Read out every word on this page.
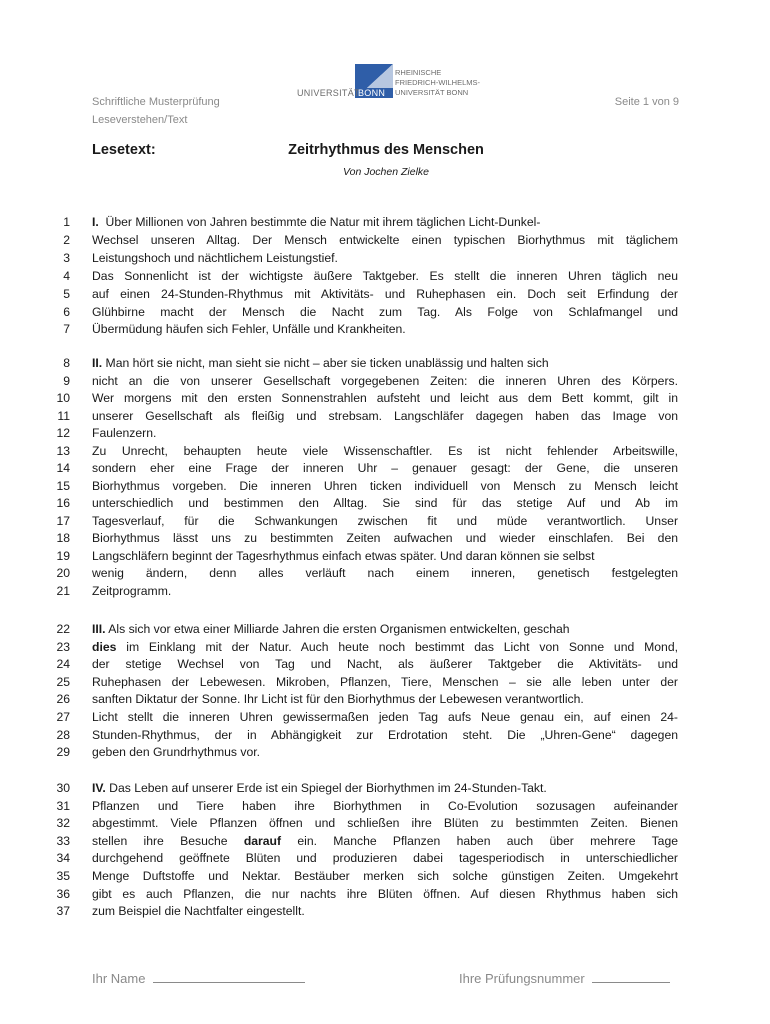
Schriftliche Musterprüfung
Leseverstehen/Text
Seite 1 von 9
UNIVERSITÄT
BONN
RHEINISCHE
FRIEDRICH-WILHELMS-
UNIVERSITÄT BONN
Lesetext:	Zeitrhythmus des Menschen
Von Jochen Zielke
1 I.  Über Millionen von Jahren bestimmte die Natur mit ihrem täglichen Licht-Dunkel-
2 Wechsel unseren Alltag. Der Mensch entwickelte einen typischen Biorhythmus mit täglichem
3 Leistungshoch und nächtlichem Leistungstief.
4 Das Sonnenlicht ist der wichtigste äußere Taktgeber. Es stellt die inneren Uhren täglich neu
5 auf einen 24-Stunden-Rhythmus mit Aktivitäts- und Ruhephasen ein. Doch seit Erfindung der
6 Glühbirne macht der Mensch die Nacht zum Tag. Als Folge von Schlafmangel und
7 Übermüdung häufen sich Fehler, Unfälle und Krankheiten.
8 II. Man hört sie nicht, man sieht sie nicht – aber sie ticken unablässig und halten sich
9 nicht an die von unserer Gesellschaft vorgegebenen Zeiten: die inneren Uhren des Körpers.
10 Wer morgens mit den ersten Sonnenstrahlen aufsteht und leicht aus dem Bett kommt, gilt in
11 unserer Gesellschaft als fleißig und strebsam. Langschläfer dagegen haben das Image von
12 Faulenzern.
13 Zu Unrecht, behaupten heute viele Wissenschaftler. Es ist nicht fehlender Arbeitswille,
14 sondern eher eine Frage der inneren Uhr – genauer gesagt: der Gene, die unseren
15 Biorhythmus vorgeben. Die inneren Uhren ticken individuell von Mensch zu Mensch leicht
16 unterschiedlich und bestimmen den Alltag. Sie sind für das stetige Auf und Ab im
17 Tagesverlauf, für die Schwankungen zwischen fit und müde verantwortlich. Unser
18 Biorhythmus lässt uns zu bestimmten Zeiten aufwachen und wieder einschlafen. Bei den
19 Langschläfern beginnt der Tagesrhythmus einfach etwas später. Und daran können sie selbst
20 wenig ändern, denn alles verläuft nach einem inneren, genetisch festgelegten
21 Zeitprogramm.
22 III. Als sich vor etwa einer Milliarde Jahren die ersten Organismen entwickelten, geschah
23 dies im Einklang mit der Natur. Auch heute noch bestimmt das Licht von Sonne und Mond,
24 der stetige Wechsel von Tag und Nacht, als äußerer Taktgeber die Aktivitäts- und
25 Ruhephasen der Lebewesen. Mikroben, Pflanzen, Tiere, Menschen – sie alle leben unter der
26 sanften Diktatur der Sonne. Ihr Licht ist für den Biorhythmus der Lebewesen verantwortlich.
27 Licht stellt die inneren Uhren gewissermaßen jeden Tag aufs Neue genau ein, auf einen 24-
28 Stunden-Rhythmus, der in Abhängigkeit zur Erdrotation steht. Die „Uhren-Gene“ dagegen
29 geben den Grundrhythmus vor.
30 IV. Das Leben auf unserer Erde ist ein Spiegel der Biorhythmen im 24-Stunden-Takt.
31 Pflanzen und Tiere haben ihre Biorhythmen in Co-Evolution sozusagen aufeinander
32 abgestimmt. Viele Pflanzen öffnen und schließen ihre Blüten zu bestimmten Zeiten. Bienen
33 stellen ihre Besuche darauf ein. Manche Pflanzen haben auch über mehrere Tage
34 durchgehend geöffnete Blüten und produzieren dabei tagesperiodisch in unterschiedlicher
35 Menge Duftstoffe und Nektar. Bestäuber merken sich solche günstigen Zeiten. Umgekehrt
36 gibt es auch Pflanzen, die nur nachts ihre Blüten öffnen. Auf diesen Rhythmus haben sich
37 zum Beispiel die Nachtfalter eingestellt.
Ihr Name	Ihre Prüfungsnummer
